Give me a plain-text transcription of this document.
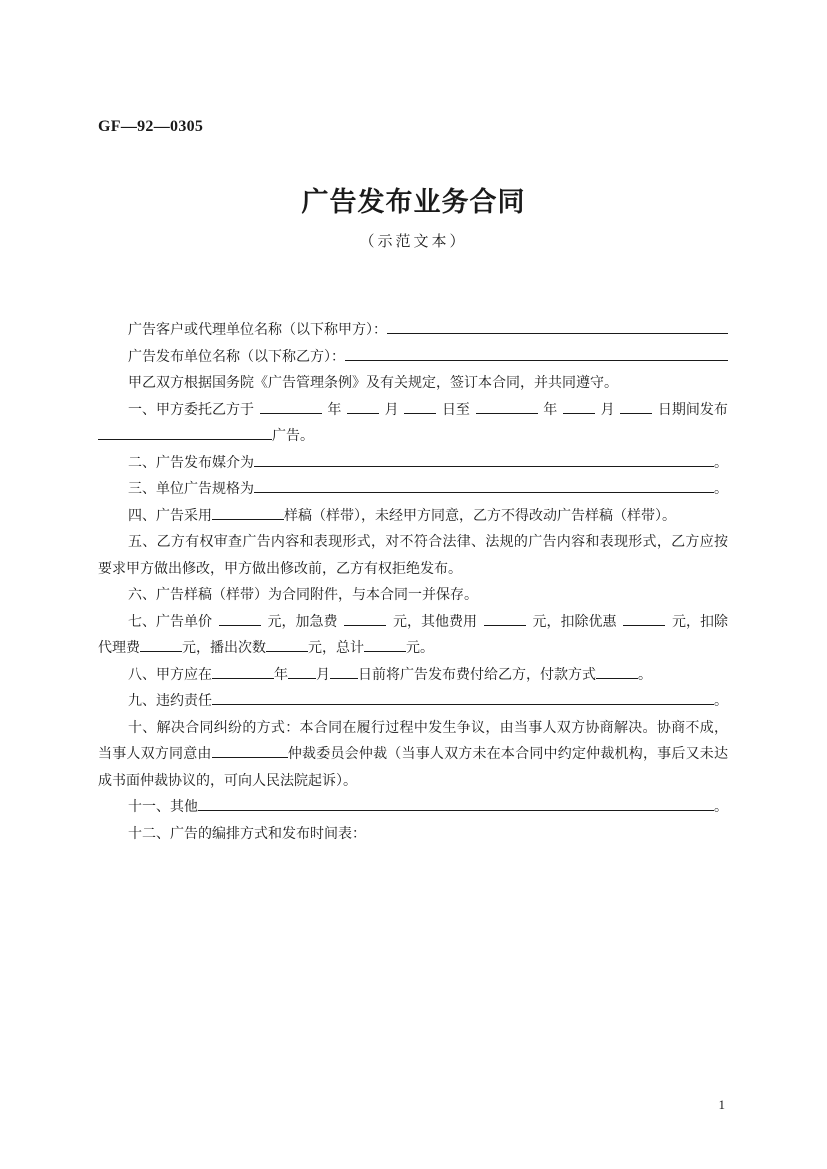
GF—92—0305
广告发布业务合同
（示范文本）
广告客户或代理单位名称（以下称甲方）：
广告发布单位名称（以下称乙方）：
甲乙双方根据国务院《广告管理条例》及有关规定，签订本合同，并共同遵守。
一、甲方委托乙方于	年	月	日至	年	月	日期间发布
广告。
二、广告发布媒介为	。
三、单位广告规格为	。
四、广告采用	样稿（样带），未经甲方同意，乙方不得改动广告样稿（样带）。
五、乙方有权审查广告内容和表现形式，对不符合法律、法规的广告内容和表现形式，乙方应按要求甲方做出修改，甲方做出修改前，乙方有权拒绝发布。
六、广告样稿（样带）为合同附件，与本合同一并保存。
七、广告单价	元，加急费	元，其他费用	元，扣除优惠	元，扣除
代理费	元，播出次数	元，总计	元。
八、甲方应在	年 月 日前将广告发布费付给乙方，付款方式	。
九、违约责任	。
十、解决合同纠纷的方式：本合同在履行过程中发生争议，由当事人双方协商解决。协商不成，当事人双方同意由	仲裁委员会仲裁（当事人双方未在本合同中约定仲裁机构，事后又未达成书面仲裁协议的，可向人民法院起诉）。
十一、其他	。
十二、广告的编排方式和发布时间表：
1
